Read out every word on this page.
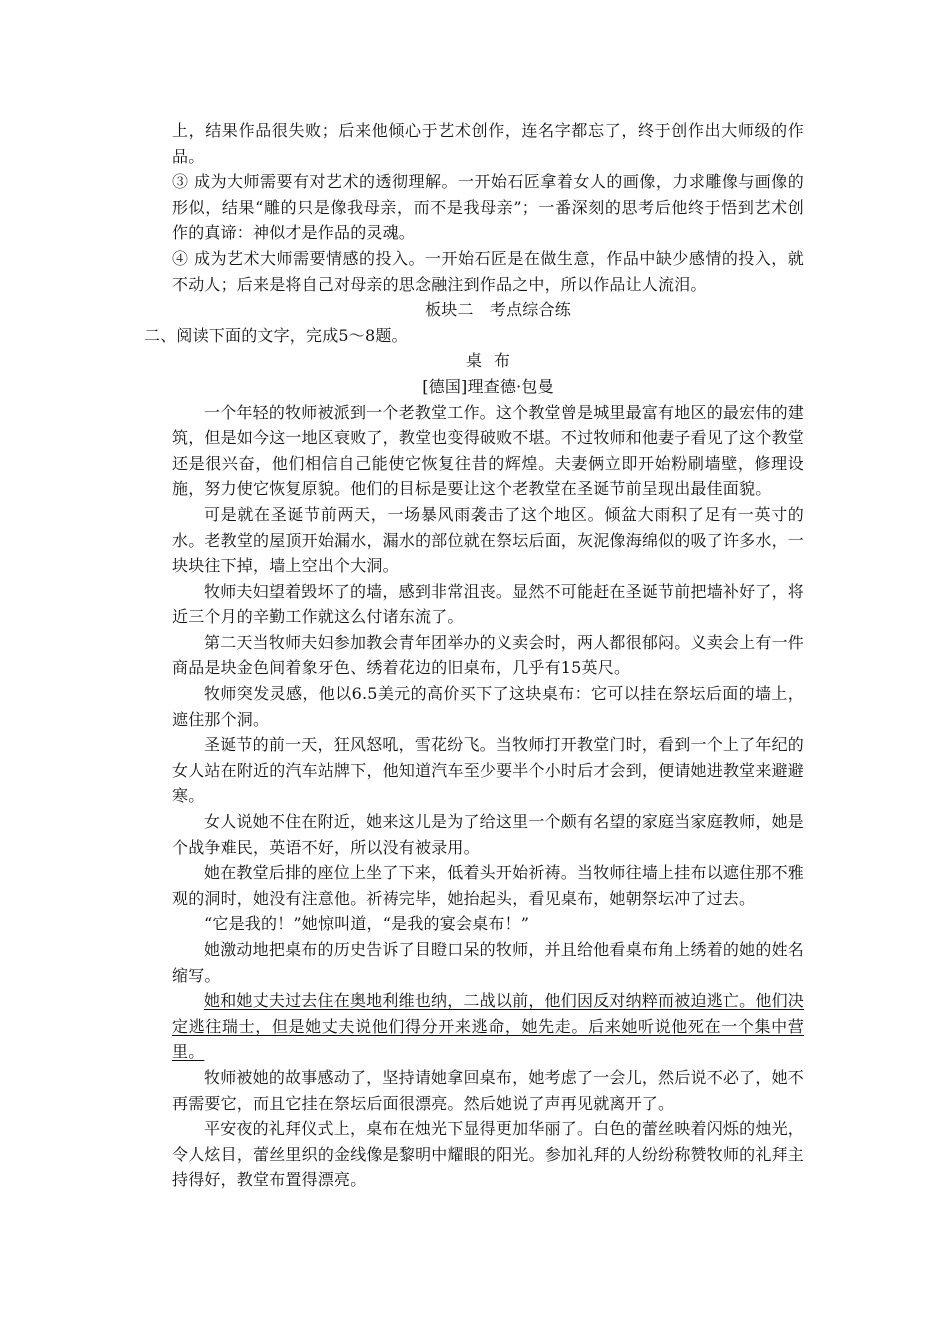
上，结果作品很失败；后来他倾心于艺术创作，连名字都忘了，终于创作出大师级的作品。

③ 成为大师需要有对艺术的透彻理解。一开始石匠拿着女人的画像，力求雕像与画像的形似，结果“雕的只是像我母亲，而不是我母亲”；一番深刻的思考后他终于悟到艺术创作的真谛：神似才是作品的灵魂。

④ 成为艺术大师需要情感的投入。一开始石匠是在做生意，作品中缺少感情的投入，就不动人；后来是将自己对母亲的思念融注到作品之中，所以作品让人流泪。

板块二　考点综合练

二、阅读下面的文字，完成5～8题。

桌布

[德国]理查德·包曼

一个年轻的牧师被派到一个老教堂工作。这个教堂曾是城里最富有地区的最宏伟的建筑，但是如今这一地区衰败了，教堂也变得破败不堪。不过牧师和他妻子看见了这个教堂还是很兴奋，他们相信自己能使它恢复往昔的辉煌。夫妻俩立即开始粉刷墙壁，修理设施，努力使它恢复原貌。他们的目标是要让这个老教堂在圣诞节前呈现出最佳面貌。

可是就在圣诞节前两天，一场暴风雨袭击了这个地区。倾盆大雨积了足有一英寸的水。老教堂的屋顶开始漏水，漏水的部位就在祭坛后面，灰泥像海绵似的吸了许多水，一块块往下掉，墙上空出个大洞。

牧师夫妇望着毁坏了的墙，感到非常沮丧。显然不可能赶在圣诞节前把墙补好了，将近三个月的辛勤工作就这么付诸东流了。

第二天当牧师夫妇参加教会青年团举办的义卖会时，两人都很郁闷。义卖会上有一件商品是块金色间着象牙色、绣着花边的旧桌布，几乎有15英尺。

牧师突发灵感，他以6.5美元的高价买下了这块桌布：它可以挂在祭坛后面的墙上，遮住那个洞。

圣诞节的前一天，狂风怒吼，雪花纷飞。当牧师打开教堂门时，看到一个上了年纪的女人站在附近的汽车站牌下，他知道汽车至少要半个小时后才会到，便请她进教堂来避避寒。

女人说她不住在附近，她来这儿是为了给这里一个颇有名望的家庭当家庭教师，她是个战争难民，英语不好，所以没有被录用。

她在教堂后排的座位上坐了下来，低着头开始祈祷。当牧师往墙上挂布以遮住那不雅观的洞时，她没有注意他。祈祷完毕，她抬起头，看见桌布，她朝祭坛冲了过去。

“它是我的！”她惊叫道，“是我的宴会桌布！”

她激动地把桌布的历史告诉了目瞪口呆的牧师，并且给他看桌布角上绣着的她的姓名缩写。

她和她丈夫过去住在奥地利维也纳，二战以前，他们因反对纳粹而被迫逃亡。他们决定逃往瑞士，但是她丈夫说他们得分开来逃命，她先走。后来她听说他死在一个集中营里。

牧师被她的故事感动了，坚持请她拿回桌布，她考虑了一会儿，然后说不必了，她不再需要它，而且它挂在祭坛后面很漂亮。然后她说了声再见就离开了。

平安夜的礼拜仪式上，桌布在烛光下显得更加华丽了。白色的蕾丝映着闪烁的烛光，令人炫目，蕾丝里织的金线像是黎明中耀眼的阳光。参加礼拜的人纷纷称赞牧师的礼拜主持得好，教堂布置得漂亮。
